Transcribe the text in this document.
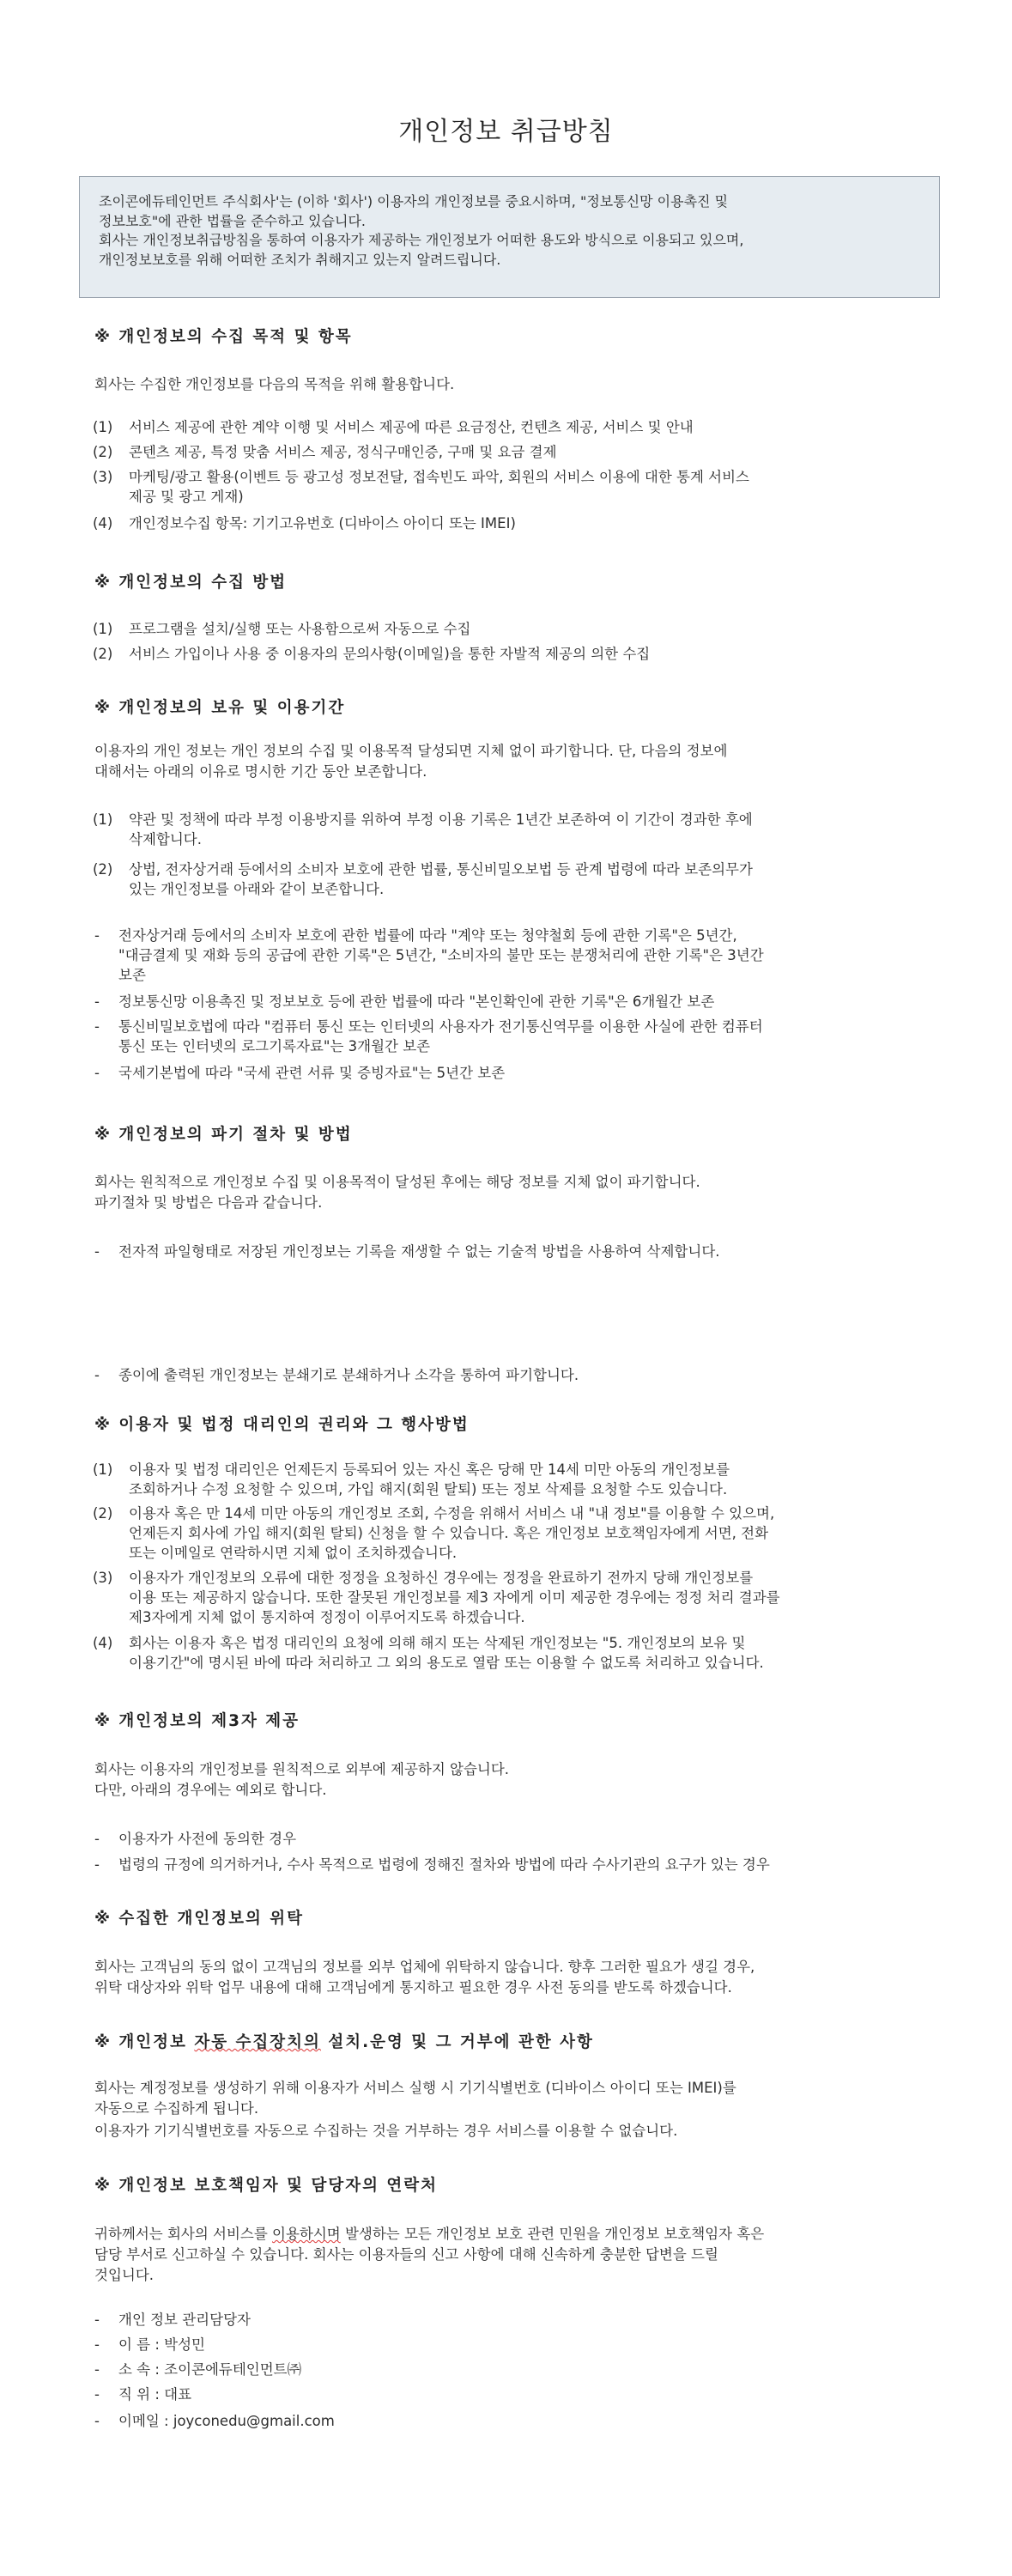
개인정보 취급방침

조이콘에듀테인먼트 주식회사'는 (이하 '회사') 이용자의 개인정보를 중요시하며, "정보통신망 이용촉진 및

정보보호"에 관한 법률을 준수하고 있습니다.

회사는 개인정보취급방침을 통하여 이용자가 제공하는 개인정보가 어떠한 용도와 방식으로 이용되고 있으며,

개인정보보호를 위해 어떠한 조치가 취해지고 있는지 알려드립니다.

※ 개인정보의 수집 목적 및 항목
회사는 수집한 개인정보를 다음의 목적을 위해 활용합니다.
(1)	서비스 제공에 관한 계약 이행 및 서비스 제공에 따른 요금정산, 컨텐츠 제공, 서비스 및 안내
(2)	콘텐츠 제공, 특정 맞춤 서비스 제공, 정식구매인증, 구매 및 요금 결제
(3)	마케팅/광고 활용(이벤트 등 광고성 정보전달, 접속빈도 파악, 회원의 서비스 이용에 대한 통계 서비스
제공 및 광고 게재)
(4)	개인정보수집 항목: 기기고유번호 (디바이스 아이디 또는 IMEI)
※ 개인정보의 수집 방법
(1)	프로그램을 설치/실행 또는 사용함으로써 자동으로 수집
(2)	서비스 가입이나 사용 중 이용자의 문의사항(이메일)을 통한 자발적 제공의 의한 수집
※ 개인정보의 보유 및 이용기간
이용자의 개인 정보는 개인 정보의 수집 및 이용목적 달성되면 지체 없이 파기합니다. 단, 다음의 정보에
대해서는 아래의 이유로 명시한 기간 동안 보존합니다.
(1)	약관 및 정책에 따라 부정 이용방지를 위하여 부정 이용 기록은 1년간 보존하여 이 기간이 경과한 후에
삭제합니다.
(2)	상법, 전자상거래 등에서의 소비자 보호에 관한 법률, 통신비밀오보법 등 관계 법령에 따라 보존의무가
있는 개인정보를 아래와 같이 보존합니다.
- 전자상거래 등에서의 소비자 보호에 관한 법률에 따라 "계약 또는 청약철회 등에 관한 기록"은 5년간,
"대금결제 및 재화 등의 공급에 관한 기록"은 5년간, "소비자의 불만 또는 분쟁처리에 관한 기록"은 3년간
보존
- 정보통신망 이용촉진 및 정보보호 등에 관한 법률에 따라 "본인확인에 관한 기록"은 6개월간 보존
- 통신비밀보호법에 따라 "컴퓨터 통신 또는 인터넷의 사용자가 전기통신역무를 이용한 사실에 관한 컴퓨터
통신 또는 인터넷의 로그기록자료"는 3개월간 보존
- 국세기본법에 따라 "국세 관련 서류 및 증빙자료"는 5년간 보존
※ 개인정보의 파기 절차 및 방법
회사는 원칙적으로 개인정보 수집 및 이용목적이 달성된 후에는 해당 정보를 지체 없이 파기합니다.
파기절차 및 방법은 다음과 같습니다.
- 전자적 파일형태로 저장된 개인정보는 기록을 재생할 수 없는 기술적 방법을 사용하여 삭제합니다.
- 종이에 출력된 개인정보는 분쇄기로 분쇄하거나 소각을 통하여 파기합니다.
※ 이용자 및 법정 대리인의 권리와 그 행사방법
(1)	이용자 및 법정 대리인은 언제든지 등록되어 있는 자신 혹은 당해 만 14세 미만 아동의 개인정보를
조회하거나 수정 요청할 수 있으며, 가입 해지(회원 탈퇴) 또는 정보 삭제를 요청할 수도 있습니다.
(2)	이용자 혹은 만 14세 미만 아동의 개인정보 조회, 수정을 위해서 서비스 내 "내 정보"를 이용할 수 있으며,
언제든지 회사에 가입 해지(회원 탈퇴) 신청을 할 수 있습니다. 혹은 개인정보 보호책임자에게 서면, 전화
또는 이메일로 연락하시면 지체 없이 조치하겠습니다.
(3)	이용자가 개인정보의 오류에 대한 정정을 요청하신 경우에는 정정을 완료하기 전까지 당해 개인정보를
이용 또는 제공하지 않습니다. 또한 잘못된 개인정보를 제3 자에게 이미 제공한 경우에는 정정 처리 결과를
제3자에게 지체 없이 통지하여 정정이 이루어지도록 하겠습니다.
(4)	회사는 이용자 혹은 법정 대리인의 요청에 의해 해지 또는 삭제된 개인정보는 "5. 개인정보의 보유 및
이용기간"에 명시된 바에 따라 처리하고 그 외의 용도로 열람 또는 이용할 수 없도록 처리하고 있습니다.
※ 개인정보의 제3자 제공
회사는 이용자의 개인정보를 원칙적으로 외부에 제공하지 않습니다.
다만, 아래의 경우에는 예외로 합니다.
- 이용자가 사전에 동의한 경우
- 법령의 규정에 의거하거나, 수사 목적으로 법령에 정해진 절차와 방법에 따라 수사기관의 요구가 있는 경우
※ 수집한 개인정보의 위탁
회사는 고객님의 동의 없이 고객님의 정보를 외부 업체에 위탁하지 않습니다. 향후 그러한 필요가 생길 경우,
위탁 대상자와 위탁 업무 내용에 대해 고객님에게 통지하고 필요한 경우 사전 동의를 받도록 하겠습니다.
※ 개인정보 자동 수집장치의 설치.운영 및 그 거부에 관한 사항
회사는 계정정보를 생성하기 위해 이용자가 서비스 실행 시 기기식별번호 (디바이스 아이디 또는 IMEI)를
자동으로 수집하게 됩니다.
이용자가 기기식별번호를 자동으로 수집하는 것을 거부하는 경우 서비스를 이용할 수 없습니다.
※ 개인정보 보호책임자 및 담당자의 연락처
귀하께서는 회사의 서비스를 이용하시며 발생하는 모든 개인정보 보호 관련 민원을 개인정보 보호책임자 혹은
담당 부서로 신고하실 수 있습니다. 회사는 이용자들의 신고 사항에 대해 신속하게 충분한 답변을 드릴
것입니다.
- 개인 정보 관리담당자
- 이 름 : 박성민
- 소 속 : 조이콘에듀테인먼트㈜
- 직 위 : 대표
- 이메일 : joyconedu@gmail.com
